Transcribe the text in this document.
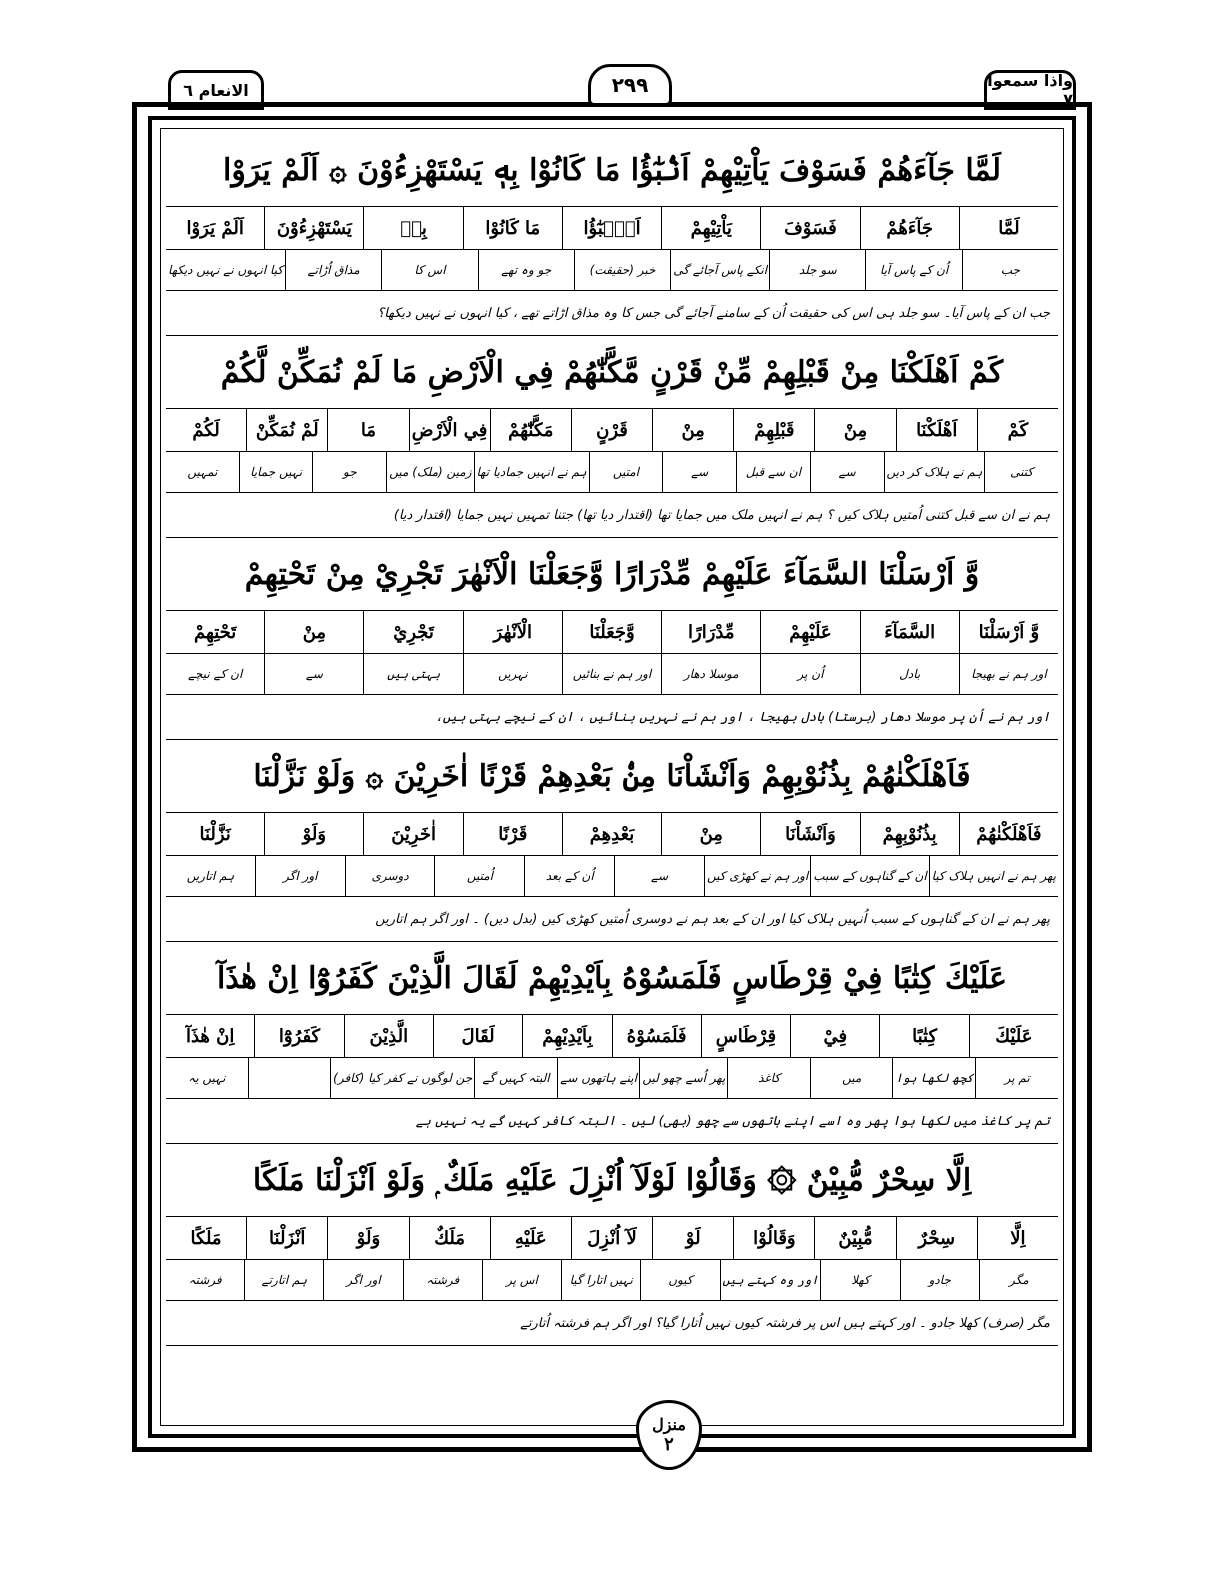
الانعام ٦	٢٩٩	واذا سمعوا ٧
لَمَّا جَآءَهُمْ فَسَوْفَ يَاْتِيْهِمْ اَنْۢبٰٓؤُا مَا كَانُوْا بِهٖ يَسْتَهْزِءُوْنَ ۞ اَلَمْ يَرَوْا
لَمَّا
جَآءَهُمْ
فَسَوْفَ
يَاْتِيْهِمْ
اَنْۢبٰٓؤُا
مَا كَانُوْا
بِهٖ
يَسْتَهْزِءُوْنَ
اَلَمْ يَرَوْا
جب
اُن کے پاس آیا
سو جلد
انکے پاس آجائے گی
خبر (حقیقت)
جو وہ تھے
اس کا
مذاق اُڑاتے
کیا انہوں نے نہیں دیکھا
جب ان کے پاس آیا۔ سو جلد ہی اس کی حقیقت اُن کے سامنے آجائے گی جس کا وہ مذاق اڑاتے تھے ، کیا انہوں نے نہیں دیکھا؟
كَمْ اَهْلَكْنَا مِنْ قَبْلِهِمْ مِّنْ قَرْنٍ مَّكَّنّٰهُمْ فِي الْاَرْضِ مَا لَمْ نُمَكِّنْ لَّكُمْ
كَمْ
اَهْلَكْنَا
مِنْ
قَبْلِهِمْ
مِنْ
قَرْنٍ
مَكَّنّٰهُمْ
فِي الْاَرْضِ
مَا
لَمْ نُمَكِّنْ
لَكُمْ
کتنی
ہم نے ہلاک کر دیں
سے
ان سے قبل
سے
امتیں
ہم نے انہیں جمادیا تھا
زمین (ملک) میں
جو
نہیں جمایا
تمہیں
ہم نے ان سے قبل کتنی اُمتیں ہلاک کیں ؟ ہم نے انہیں ملک میں جمایا تھا (اقتدار دیا تھا) جتنا تمہیں نہیں جمایا (اقتدار دیا)
وَّ اَرْسَلْنَا السَّمَآءَ عَلَيْهِمْ مِّدْرَارًا وَّجَعَلْنَا الْاَنْهٰرَ تَجْرِيْ مِنْ تَحْتِهِمْ
وَّ اَرْسَلْنَا
السَّمَآءَ
عَلَيْهِمْ
مِّدْرَارًا
وَّجَعَلْنَا
الْاَنْهٰرَ
تَجْرِيْ
مِنْ
تَحْتِهِمْ
اور ہم نے بھیجا
بادل
اُن پر
موسلا دھار
اور ہم نے بنائیں
نہریں
بہتی ہیں
سے
ان کے نیچے
اور ہم نے اُن پر موسلا دھار (برستا) بادل بھیجا ، اور ہم نے نہریں بنائیں ، ان کے نیچے بہتی ہیں،
فَاَهْلَكْنٰهُمْ بِذُنُوْبِهِمْ وَاَنْشَاْنَا مِنْۢ بَعْدِهِمْ قَرْنًا اٰخَرِيْنَ ۞ وَلَوْ نَزَّلْنَا
فَاَهْلَكْنٰهُمْ
بِذُنُوْبِهِمْ
وَاَنْشَاْنَا
مِنْ
بَعْدِهِمْ
قَرْنًا
اٰخَرِيْنَ
وَلَوْ
نَزَّلْنَا
پھر ہم نے انہیں ہلاک کیا
ان کے گناہوں کے سبب
اور ہم نے کھڑی کیں
سے
اُن کے بعد
اُمتیں
دوسری
اور اگر
ہم اتاریں
پھر ہم نے ان کے گناہوں کے سبب اُنہیں ہلاک کیا اور ان کے بعد ہم نے دوسری اُمتیں کھڑی کیں (بدل دیں) ۔ اور اگر ہم اتاریں
عَلَيْكَ كِتٰبًا فِيْ قِرْطَاسٍ فَلَمَسُوْهُ بِاَيْدِيْهِمْ لَقَالَ الَّذِيْنَ كَفَرُوْٓا اِنْ هٰذَآ
عَلَيْكَ
كِتٰبًا
فِيْ
قِرْطَاسٍ
فَلَمَسُوْهُ
بِاَيْدِيْهِمْ
لَقَالَ
الَّذِيْنَ
كَفَرُوْٓا
اِنْ هٰذَآ
تم پر
کچھ لکھا ہوا
میں
کاغذ
پھر اُسے چھو لیں
اپنے ہاتھوں سے
البتہ کہیں گے
جن لوگوں نے کفر کیا (کافر)
نہیں یہ
تم پر کاغذ میں لکھا ہوا پھر وہ اسے اپنے ہاتھوں سے چھو (بھی) لیں ۔ البتہ کافر کہیں گے یہ نہیں ہے
اِلَّا سِحْرٌ مُّبِيْنٌ ۞ وَقَالُوْا لَوْلَآ اُنْزِلَ عَلَيْهِ مَلَكٌ ۭ وَلَوْ اَنْزَلْنَا مَلَكًا
اِلَّا
سِحْرٌ
مُّبِيْنٌ
وَقَالُوْا
لَوْ
لَآ اُنْزِلَ
عَلَيْهِ
مَلَكٌ
وَلَوْ
اَنْزَلْنَا
مَلَكًا
مگر
جادو
کھلا
اور وہ کہتے ہیں
کیوں
نہیں اتارا گیا
اس پر
فرشتہ
اور اگر
ہم اتارتے
فرشتہ
مگر (صرف) کھلا جادو ۔ اور کہتے ہیں اس پر فرشتہ کیوں نہیں اُتارا گیا؟ اور اگر ہم فرشتہ اُتارتے
منزل
٢
